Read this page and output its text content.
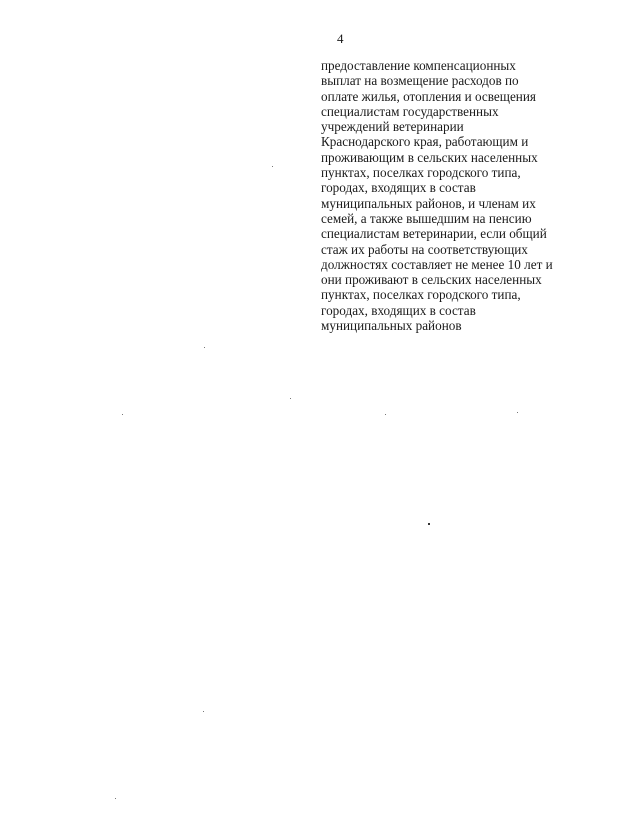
4
предоставление компенсационных
выплат на возмещение расходов по
оплате жилья, отопления и освещения
специалистам государственных
учреждений ветеринарии
Краснодарского края, работающим и
проживающим в сельских населенных
пунктах, поселках городского типа,
городах, входящих в состав
муниципальных районов, и членам их
семей, а также вышедшим на пенсию
специалистам ветеринарии, если общий
стаж их работы на соответствующих
должностях составляет не менее 10 лет и
они проживают в сельских населенных
пунктах, поселках городского типа,
городах, входящих в состав
муниципальных районов
